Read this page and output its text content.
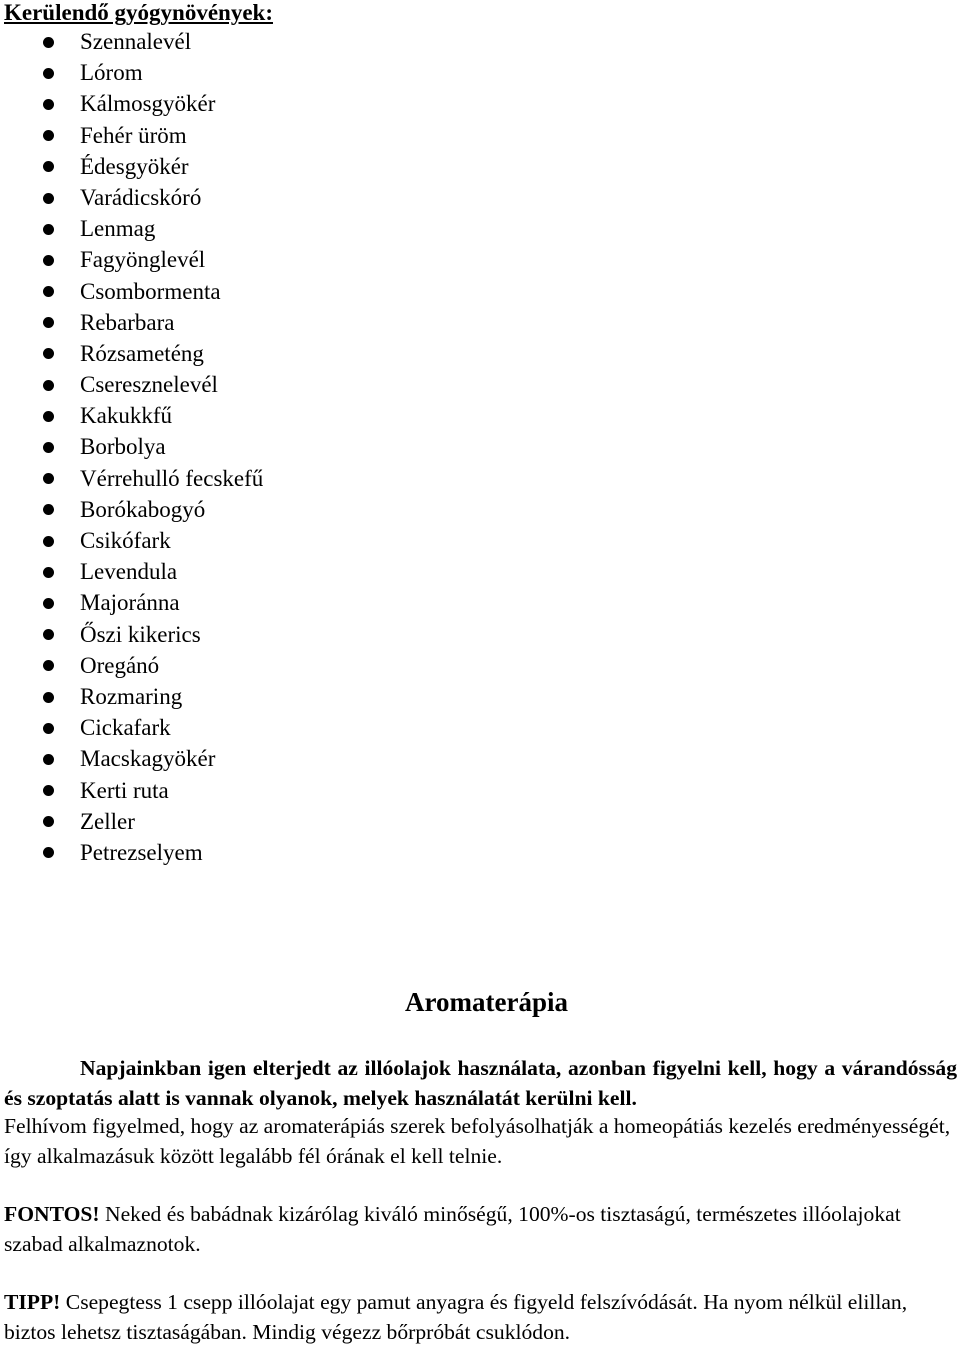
Kerülendő gyógynövények:
Szennalevél
Lórom
Kálmosgyökér
Fehér üröm
Édesgyökér
Varádicskóró
Lenmag
Fagyönglevél
Csombormenta
Rebarbara
Rózsameténg
Cseresznelevél
Kakukkfű
Borbolya
Vérrehulló fecskefű
Borókabogyó
Csikófark
Levendula
Majoránna
Őszi kikerics
Oregánó
Rozmaring
Cickafark
Macskagyökér
Kerti ruta
Zeller
Petrezselyem
Aromaterápia

Napjainkban igen elterjedt az illóolajok használata, azonban figyelni kell, hogy a várandósság és szoptatás alatt is vannak olyanok, melyek használatát kerülni kell.

Felhívom figyelmed, hogy az aromaterápiás szerek befolyásolhatják a homeopátiás kezelés eredményességét, így alkalmazásuk között legalább fél órának el kell telnie.

FONTOS! Neked és babádnak kizárólag kiváló minőségű, 100%-os tisztaságú, természetes illóolajokat szabad alkalmaznotok.

TIPP! Csepegtess 1 csepp illóolajat egy pamut anyagra és figyeld felszívódását. Ha nyom nélkül elillan, biztos lehetsz tisztaságában. Mindig végezz bőrpróbát csuklódon.
